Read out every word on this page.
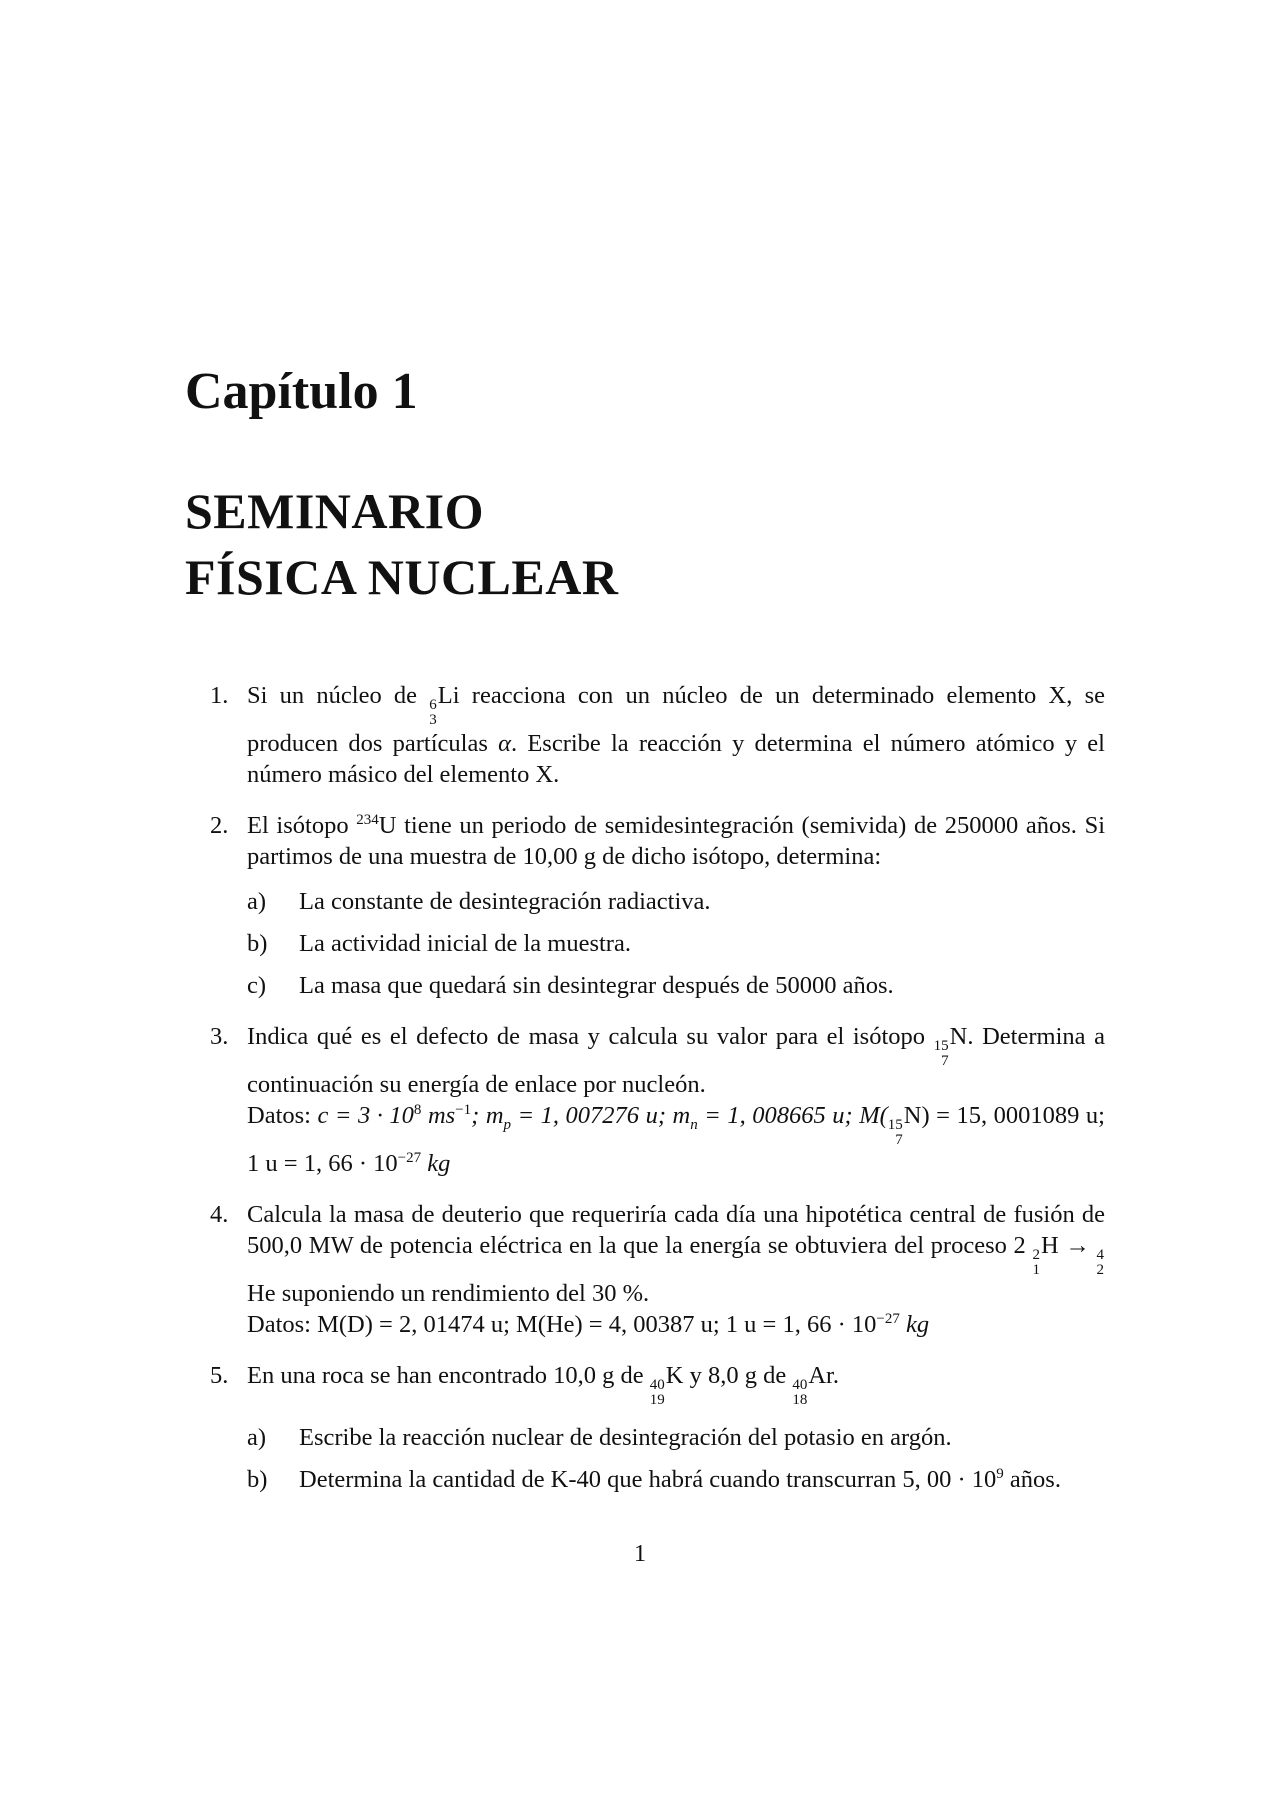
Capítulo 1
SEMINARIO
FÍSICA NUCLEAR
1. Si un núcleo de 6
3
Li reacciona con un núcleo de un determinado elemento X, se producen dos partículas α. Escribe la reacción y determina el número atómico y el número másico del elemento X.
2. El isótopo $^{234}$U tiene un periodo de semidesintegración (semivida) de 250000 años. Si partimos de una muestra de 10,00 g de dicho isótopo, determina:
a) La constante de desintegración radiactiva.
b) La actividad inicial de la muestra.
c) La masa que quedará sin desintegrar después de 50000 años.
3. Indica qué es el defecto de masa y calcula su valor para el isótopo 15
7
N. Determina a continuación su energía de enlace por nucleón.
Datos: $c = 3 \cdot 10^8$ $ms^{-1}$; $m_p = 1$, 007276 u; $m_n = 1$, 008665 u; M( 15
7
N) = 15, 0001089 u; 1 u = 1, $66 \cdot 10^{-27}$ kg
4. Calcula la masa de deuterio que requeriría cada día una hipotética central de fusión de 500,0 MW de potencia eléctrica en la que la energía se obtuviera del proceso 2 2
1
H → 4
2
He suponiendo un rendimiento del 30 %.
Datos: M(D) = 2, 01474 u; M(He) = 4, 00387 u; 1 u = 1, $66 \cdot 10^{-27}$ kg
5. En una roca se han encontrado 10,0 g de 40
19
K y 8,0 g de 40
18
Ar.
a) Escribe la reacción nuclear de desintegración del potasio en argón.
b) Determina la cantidad de K-40 que habrá cuando transcurran 5, $00 \cdot 10^9$ años.
1
